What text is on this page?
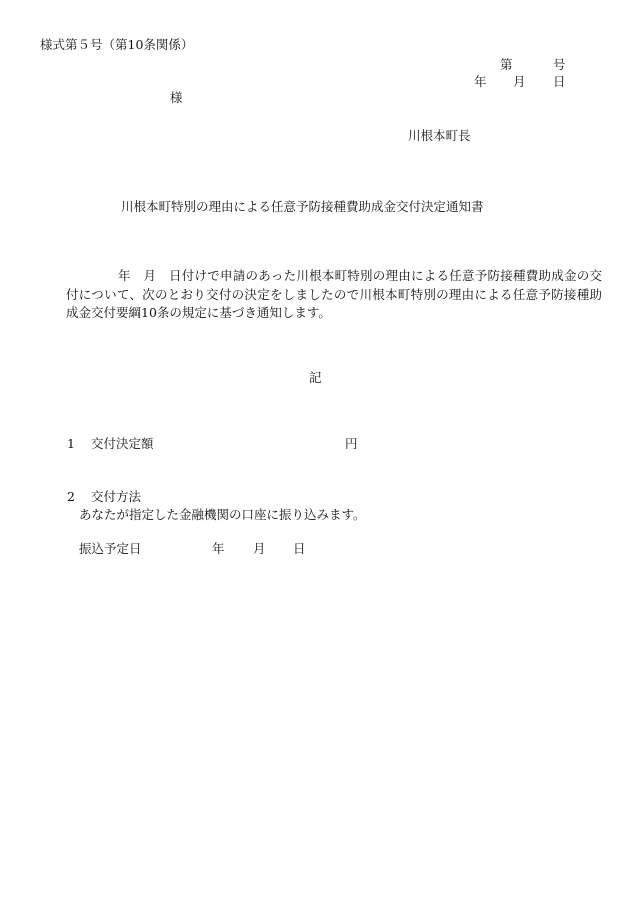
様式第５号（第10条関係）
第	号
年 月 日
様
川根本町長
川根本町特別の理由による任意予防接種費助成金交付決定通知書
年　月　日付けで申請のあった川根本町特別の理由による任意予防接種費助成金の交付について、次のとおり交付の決定をしましたので川根本町特別の理由による任意予防接種助成金交付要綱10条の規定に基づき通知します。
記
1 交付決定額	円
2 交付方法
あなたが指定した金融機関の口座に振り込みます。
振込予定日	年 月 日
